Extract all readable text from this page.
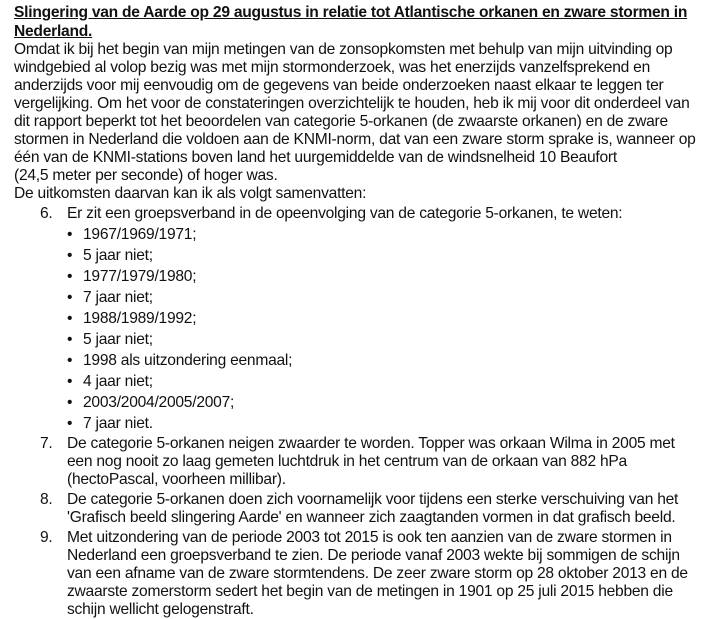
Slingering van de Aarde op 29 augustus in relatie tot Atlantische orkanen en zware stormen in Nederland.

Omdat ik bij het begin van mijn metingen van de zonsopkomsten met behulp van mijn uitvinding op
windgebied al volop bezig was met mijn stormonderzoek, was het enerzijds vanzelfsprekend en
anderzijds voor mij eenvoudig om de gegevens van beide onderzoeken naast elkaar te leggen ter
vergelijking. Om het voor de constateringen overzichtelijk te houden, heb ik mij voor dit onderdeel van
dit rapport beperkt tot het beoordelen van categorie 5-orkanen (de zwaarste orkanen) en de zware
stormen in Nederland die voldoen aan de KNMI-norm, dat van een zware storm sprake is, wanneer op
één van de KNMI-stations boven land het uurgemiddelde van de windsnelheid 10 Beaufort
(24,5 meter per seconde) of hoger was.

De uitkomsten daarvan kan ik als volgt samenvatten:

6. Er zit een groepsverband in de opeenvolging van de categorie 5-orkanen, te weten:
• 1967/1969/1971;
• 5 jaar niet;
• 1977/1979/1980;
• 7 jaar niet;
• 1988/1989/1992;
• 5 jaar niet;
• 1998 als uitzondering eenmaal;
• 4 jaar niet;
• 2003/2004/2005/2007;
• 7 jaar niet.
7. De categorie 5-orkanen neigen zwaarder te worden. Topper was orkaan Wilma in 2005 met
een nog nooit zo laag gemeten luchtdruk in het centrum van de orkaan van 882 hPa
(hectoPascal, voorheen millibar).
8. De categorie 5-orkanen doen zich voornamelijk voor tijdens een sterke verschuiving van het
'Grafisch beeld slingering Aarde' en wanneer zich zaagtanden vormen in dat grafisch beeld.
9. Met uitzondering van de periode 2003 tot 2015 is ook ten aanzien van de zware stormen in
Nederland een groepsverband te zien. De periode vanaf 2003 wekte bij sommigen de schijn
van een afname van de zware stormtendens. De zeer zware storm op 28 oktober 2013 en de
zwaarste zomerstorm sedert het begin van de metingen in 1901 op 25 juli 2015 hebben die
schijn wellicht gelogenstraft.
